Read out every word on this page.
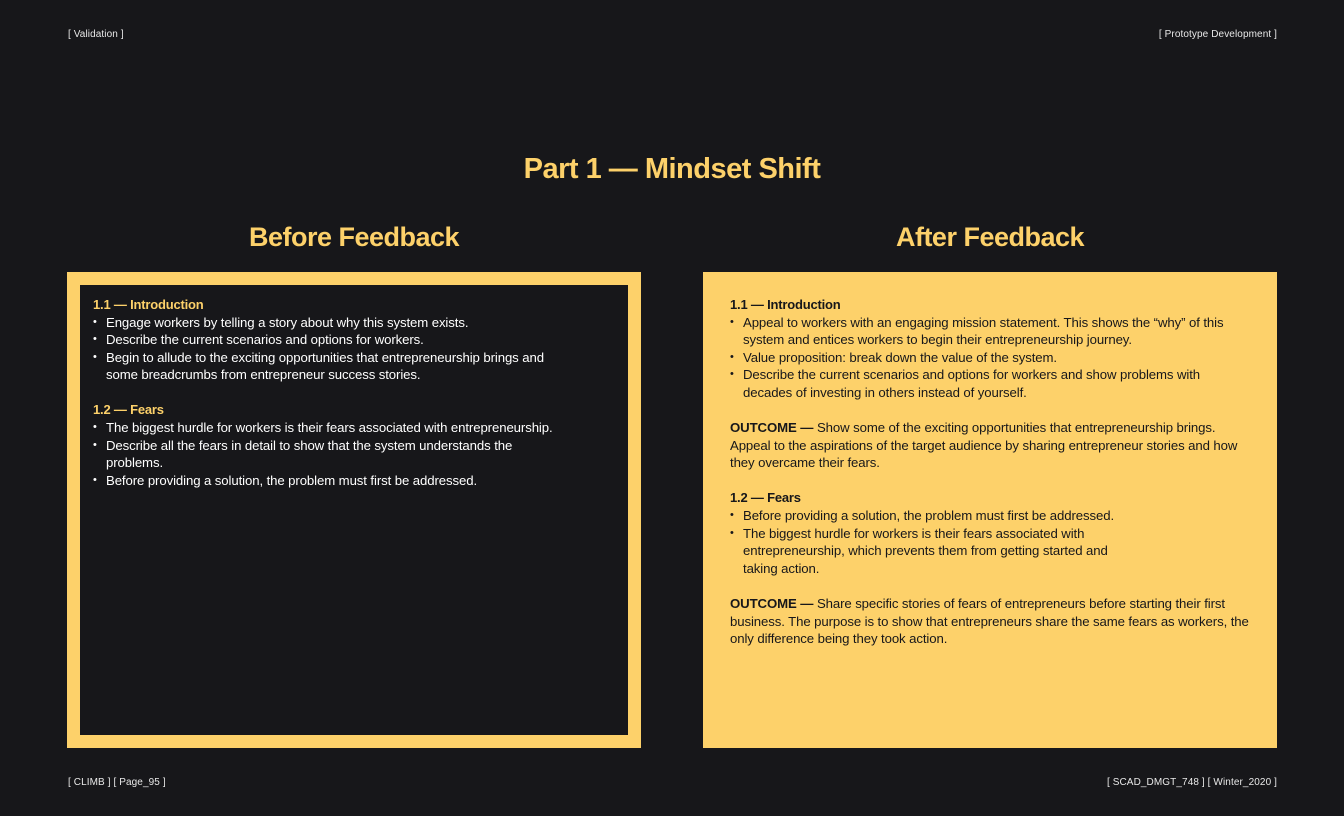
[ Validation ]	[ Prototype Development ]
Part 1 — Mindset Shift
Before Feedback	After Feedback

1.1 — Introduction

• Engage workers by telling a story about why this system exists.
• Describe the current scenarios and options for workers.
• Begin to allude to the exciting opportunities that entrepreneurship brings and some breadcrumbs from entrepreneur success stories.

1.2 — Fears

• The biggest hurdle for workers is their fears associated with entrepreneurship.
• Describe all the fears in detail to show that the system understands the problems.
• Before providing a solution, the problem must first be addressed.

1.1 — Introduction

• Appeal to workers with an engaging mission statement. This shows the “why” of this system and entices workers to begin their entrepreneurship journey.
• Value proposition: break down the value of the system.
• Describe the current scenarios and options for workers and show problems with decades of investing in others instead of yourself.

OUTCOME — Show some of the exciting opportunities that entrepreneurship brings. Appeal to the aspirations of the target audience by sharing entrepreneur stories and how they overcame their fears.

1.2 — Fears

• Before providing a solution, the problem must first be addressed.
• The biggest hurdle for workers is their fears associated with entrepreneurship, which prevents them from getting started and taking action.

OUTCOME — Share specific stories of fears of entrepreneurs before starting their first business. The purpose is to show that entrepreneurs share the same fears as workers, the only difference being they took action.

[ CLIMB ] [ Page_95 ]	[ SCAD_DMGT_748 ] [ Winter_2020 ]
